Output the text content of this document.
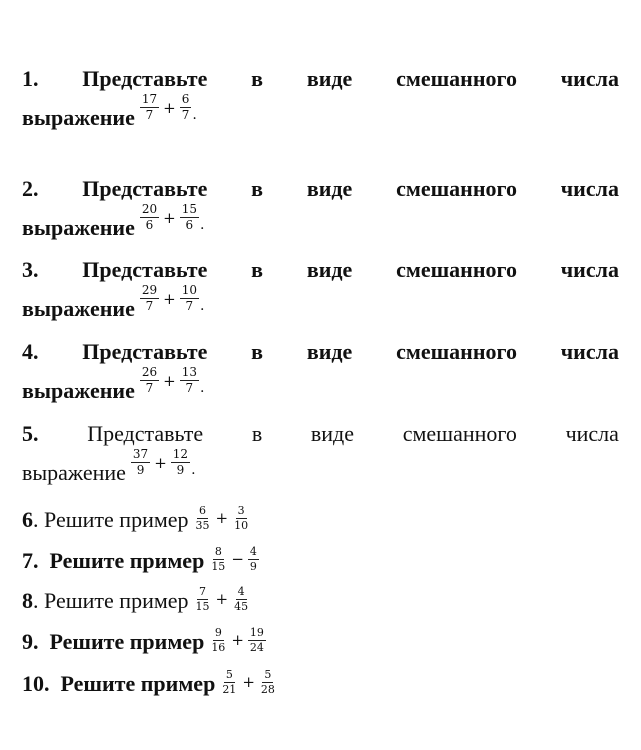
1. Представьте в виде смешанного числа
выражение $\frac{17}{7} + \frac{6}{7}$ .
2. Представьте в виде смешанного числа
выражение $\frac{20}{6} + \frac{15}{6}$ .
3. Представьте в виде смешанного числа
выражение $\frac{29}{7} + \frac{10}{7}$ .
4. Представьте в виде смешанного числа
выражение $\frac{26}{7} + \frac{13}{7}$ .
5. Представьте в виде смешанного числа
выражение $\frac{37}{9} + \frac{12}{9}$ .
6 .
Решите пример $\frac{6}{35} + \frac{3}{10}$
7.
Решите пример $\frac{8}{15} - \frac{4}{9}$
8 .
Решите пример $\frac{7}{15} + \frac{4}{45}$
9.
Решите пример $\frac{9}{16} + \frac{19}{24}$
10.
Решите пример $\frac{5}{21} + \frac{5}{28}$
